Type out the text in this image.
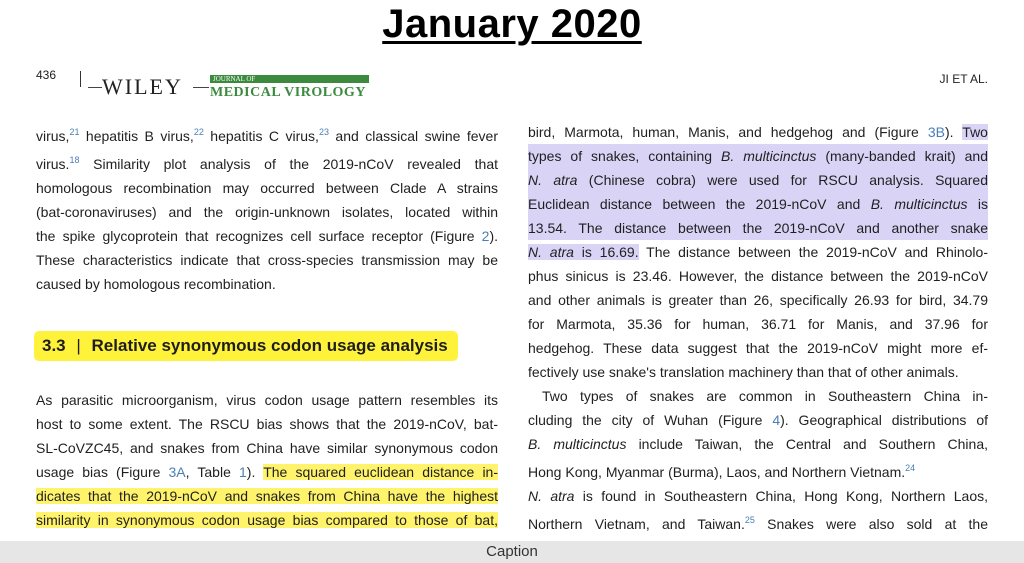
January 2020
436 WILEY	JOURNAL OF
MEDICAL VIROLOGY
JI ET AL.

virus,$^{21}$ hepatitis B virus,$^{22}$ hepatitis C virus,$^{23}$ and classical swine fever
virus.$^{18}$ Similarity plot analysis of the 2019-nCoV revealed that
homologous recombination may occurred between Clade A strains
(bat-coronaviruses) and the origin-unknown isolates, located within
the spike glycoprotein that recognizes cell surface receptor (Figure 2).
These characteristics indicate that cross-species transmission may be
caused by homologous recombination.

3.3 | Relative synonymous codon usage analysis

As parasitic microorganism, virus codon usage pattern resembles its
host to some extent. The RSCU bias shows that the 2019-nCoV, bat-
SL-CoVZC45, and snakes from China have similar synonymous codon
usage bias (Figure 3A, Table 1). The squared euclidean distance in-
dicates that the 2019-nCoV and snakes from China have the highest
similarity in synonymous codon usage bias compared to those of bat,

bird, Marmota, human, Manis, and hedgehog and (Figure 3B). Two
types of snakes, containing B. multicinctus (many-banded krait) and
N. atra (Chinese cobra) were used for RSCU analysis. Squared
Euclidean distance between the 2019-nCoV and B. multicinctus is
13.54. The distance between the 2019-nCoV and another snake
N. atra is 16.69. The distance between the 2019-nCoV and Rhinolo-
phus sinicus is 23.46. However, the distance between the 2019-nCoV
and other animals is greater than 26, specifically 26.93 for bird, 34.79
for Marmota, 35.36 for human, 36.71 for Manis, and 37.96 for
hedgehog. These data suggest that the 2019-nCoV might more ef-
fectively use snake's translation machinery than that of other animals.

Two types of snakes are common in Southeastern China in-
cluding the city of Wuhan (Figure 4). Geographical distributions of
B. multicinctus include Taiwan, the Central and Southern China,
Hong Kong, Myanmar (Burma), Laos, and Northern Vietnam.$^{24}$
N. atra is found in Southeastern China, Hong Kong, Northern Laos,
Northern Vietnam, and Taiwan.$^{25}$ Snakes were also sold at the

Caption
